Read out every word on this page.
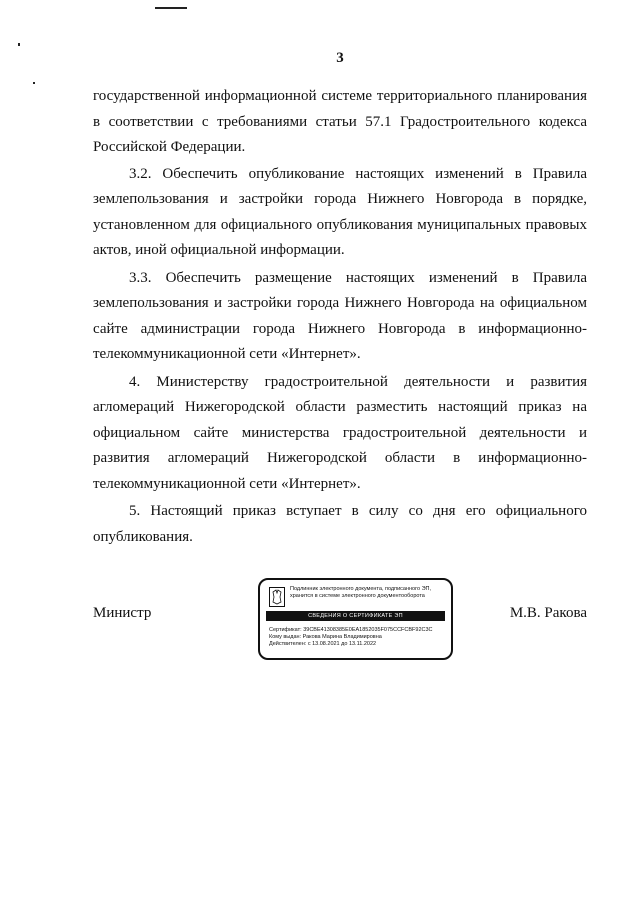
3

государственной информационной системе территориального планирования в соответствии с требованиями статьи 57.1 Градостроительного кодекса Российской Федерации.

3.2. Обеспечить опубликование настоящих изменений в Правила землепользования и застройки города Нижнего Новгорода в порядке, установленном для официального опубликования муниципальных правовых актов, иной официальной информации.

3.3. Обеспечить размещение настоящих изменений в Правила землепользования и застройки города Нижнего Новгорода на официальном сайте администрации города Нижнего Новгорода в информационно-телекоммуникационной сети «Интернет».

4. Министерству градостроительной деятельности и развития агломераций Нижегородской области разместить настоящий приказ на официальном сайте министерства градостроительной деятельности и развития агломераций Нижегородской области в информационно-телекоммуникационной сети «Интернет».

5. Настоящий приказ вступает в силу со дня его официального опубликования.

Министр	М.В. Ракова
Подлинник электронного документа, подписанного ЭП,
хранится в системе электронного документооборота
СВЕДЕНИЯ О СЕРТИФИКАТЕ ЭП
Сертификат: 39CBE41308385E0EA1852035F075CCFCBF92C3C
Кому выдан: Ракова Марина Владимировна
Действителен: с 13.08.2021 до 13.11.2022
